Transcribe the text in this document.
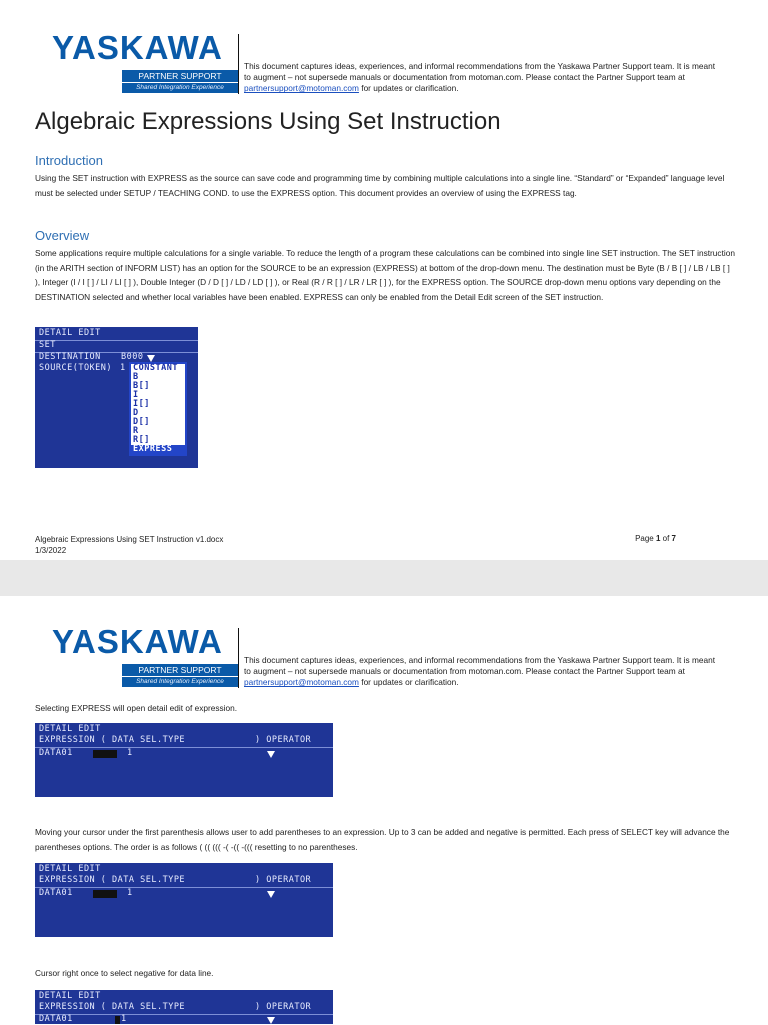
YASKAWA
PARTNER SUPPORT
Shared Integration Experience
This document captures ideas, experiences, and informal recommendations from the Yaskawa Partner Support team. It is meant to augment – not supersede manuals or documentation from motoman.com. Please contact the Partner Support team at partnersupport@motoman.com for updates or clarification.
Algebraic Expressions Using Set Instruction
Introduction
Using the SET instruction with EXPRESS as the source can save code and programming time by combining multiple calculations into a single line. “Standard” or “Expanded” language level must be selected under SETUP / TEACHING COND. to use the EXPRESS option. This document provides an overview of using the EXPRESS tag.
Overview
Some applications require multiple calculations for a single variable. To reduce the length of a program these calculations can be combined into single line SET instruction. The SET instruction (in the ARITH section of INFORM LIST) has an option for the SOURCE to be an expression (EXPRESS) at bottom of the drop-down menu. The destination must be Byte (B / B [ ] / LB / LB [ ] ), Integer (I / I [ ] / LI / LI [ ] ), Double Integer (D / D [ ] / LD / LD [ ] ), or Real (R / R [ ] / LR / LR [ ] ), for the EXPRESS option. The SOURCE drop-down menu options vary depending on the DESTINATION selected and whether local variables have been enabled. EXPRESS can only be enabled from the Detail Edit screen of the SET instruction.
DETAIL EDIT
SET
DESTINATION B000
SOURCE(TOKEN) 1 CONSTANT
B
B[]
I
I[]
D
D[]
R
R[]
EXPRESS
Algebraic Expressions Using SET Instruction v1.docx
1/3/2022
Page 1 of 7
YASKAWA
PARTNER SUPPORT
Shared Integration Experience
This document captures ideas, experiences, and informal recommendations from the Yaskawa Partner Support team. It is meant to augment – not supersede manuals or documentation from motoman.com. Please contact the Partner Support team at partnersupport@motoman.com for updates or clarification.
Selecting EXPRESS will open detail edit of expression.
DETAIL EDIT
EXPRESSION ( DATA SEL.TYPE	) OPERATOR
DATA01	1
Moving your cursor under the first parenthesis allows user to add parentheses to an expression. Up to 3 can be added and negative is permitted. Each press of SELECT key will advance the parentheses options. The order is as follows ( (( ((( -( -(( -((( resetting to no parentheses.
DETAIL EDIT
EXPRESSION ( DATA SEL.TYPE	) OPERATOR
DATA01	1
Cursor right once to select negative for data line.
DETAIL EDIT
EXPRESSION ( DATA SEL.TYPE	) OPERATOR
DATA01	1
